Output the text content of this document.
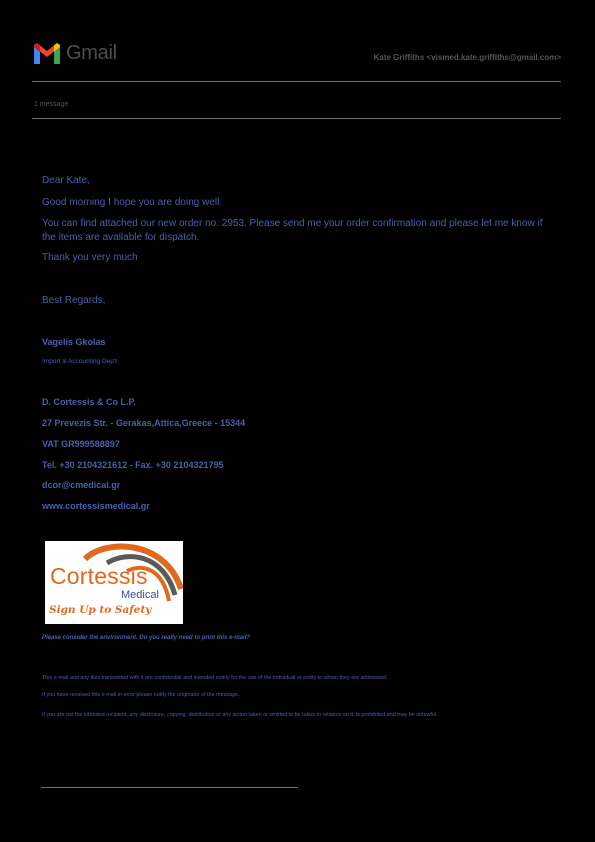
Gmail	Kate Griffiths <vismed.kate.griffiths@gmail.com>
1 message
Dear Kate,
Good morning I hope you are doing well.
You can find attached our new order no. 2953. Please send me your order confirmation and please let me know if the items are available for dispatch.
Thank you very much
Best Regards,
Vagelis Gkolas
Import & Accounting Dep't
D. Cortessis & Co L.P.
27 Prevezis Str. - Gerakas,Attica,Greece - 15344
VAT GR999588897
Tel. +30 2104321612 - Fax. +30 2104321795
dcor@cmedical.gr
www.cortessismedical.gr
Cortessis
Medical
Sign Up to Safety
Please consider the environment. Do you really need to print this e-mail?
This e-mail and any files transmitted with it are confidential and intended solely for the use of the individual or entity to whom they are addressed.
If you have received this e-mail in error please notify the originator of the message.
If you are not the intended recipient, any disclosure, copying, distribution or any action taken or omitted to be taken in reliance on it, is prohibited and may be unlawful.
